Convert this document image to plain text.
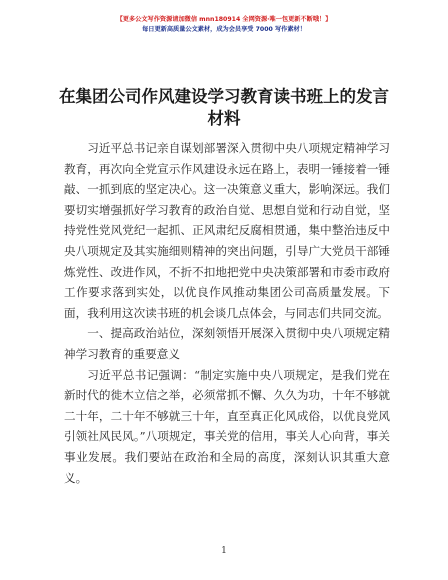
【更多公文写作资源请加微信 mnn180914 全网资源·唯一包更新不断哦！】
每日更新高质量公文素材，成为会员享受 7000 写作素材！
在集团公司作风建设学习教育读书班上的发言材料

习近平总书记亲自谋划部署深入贯彻中央八项规定精神学习教育，再次向全党宣示作风建设永远在路上，表明一锤接着一锤敲、一抓到底的坚定决心。这一决策意义重大，影响深远。我们要切实增强抓好学习教育的政治自觉、思想自觉和行动自觉，坚持党性党风党纪一起抓、正风肃纪反腐相贯通，集中整治违反中央八项规定及其实施细则精神的突出问题，引导广大党员干部锤炼党性、改进作风，不折不扣地把党中央决策部署和市委市政府工作要求落到实处，以优良作风推动集团公司高质量发展。下面，我利用这次读书班的机会谈几点体会，与同志们共同交流。

一、提高政治站位，深刻领悟开展深入贯彻中央八项规定精神学习教育的重要意义

习近平总书记强调：“制定实施中央八项规定，是我们党在新时代的徙木立信之举，必须常抓不懈、久久为功，十年不够就二十年，二十年不够就三十年，直至真正化风成俗，以优良党风引领社风民风。”八项规定，事关党的信用，事关人心向背，事关事业发展。我们要站在政治和全局的高度，深刻认识其重大意义。

1
